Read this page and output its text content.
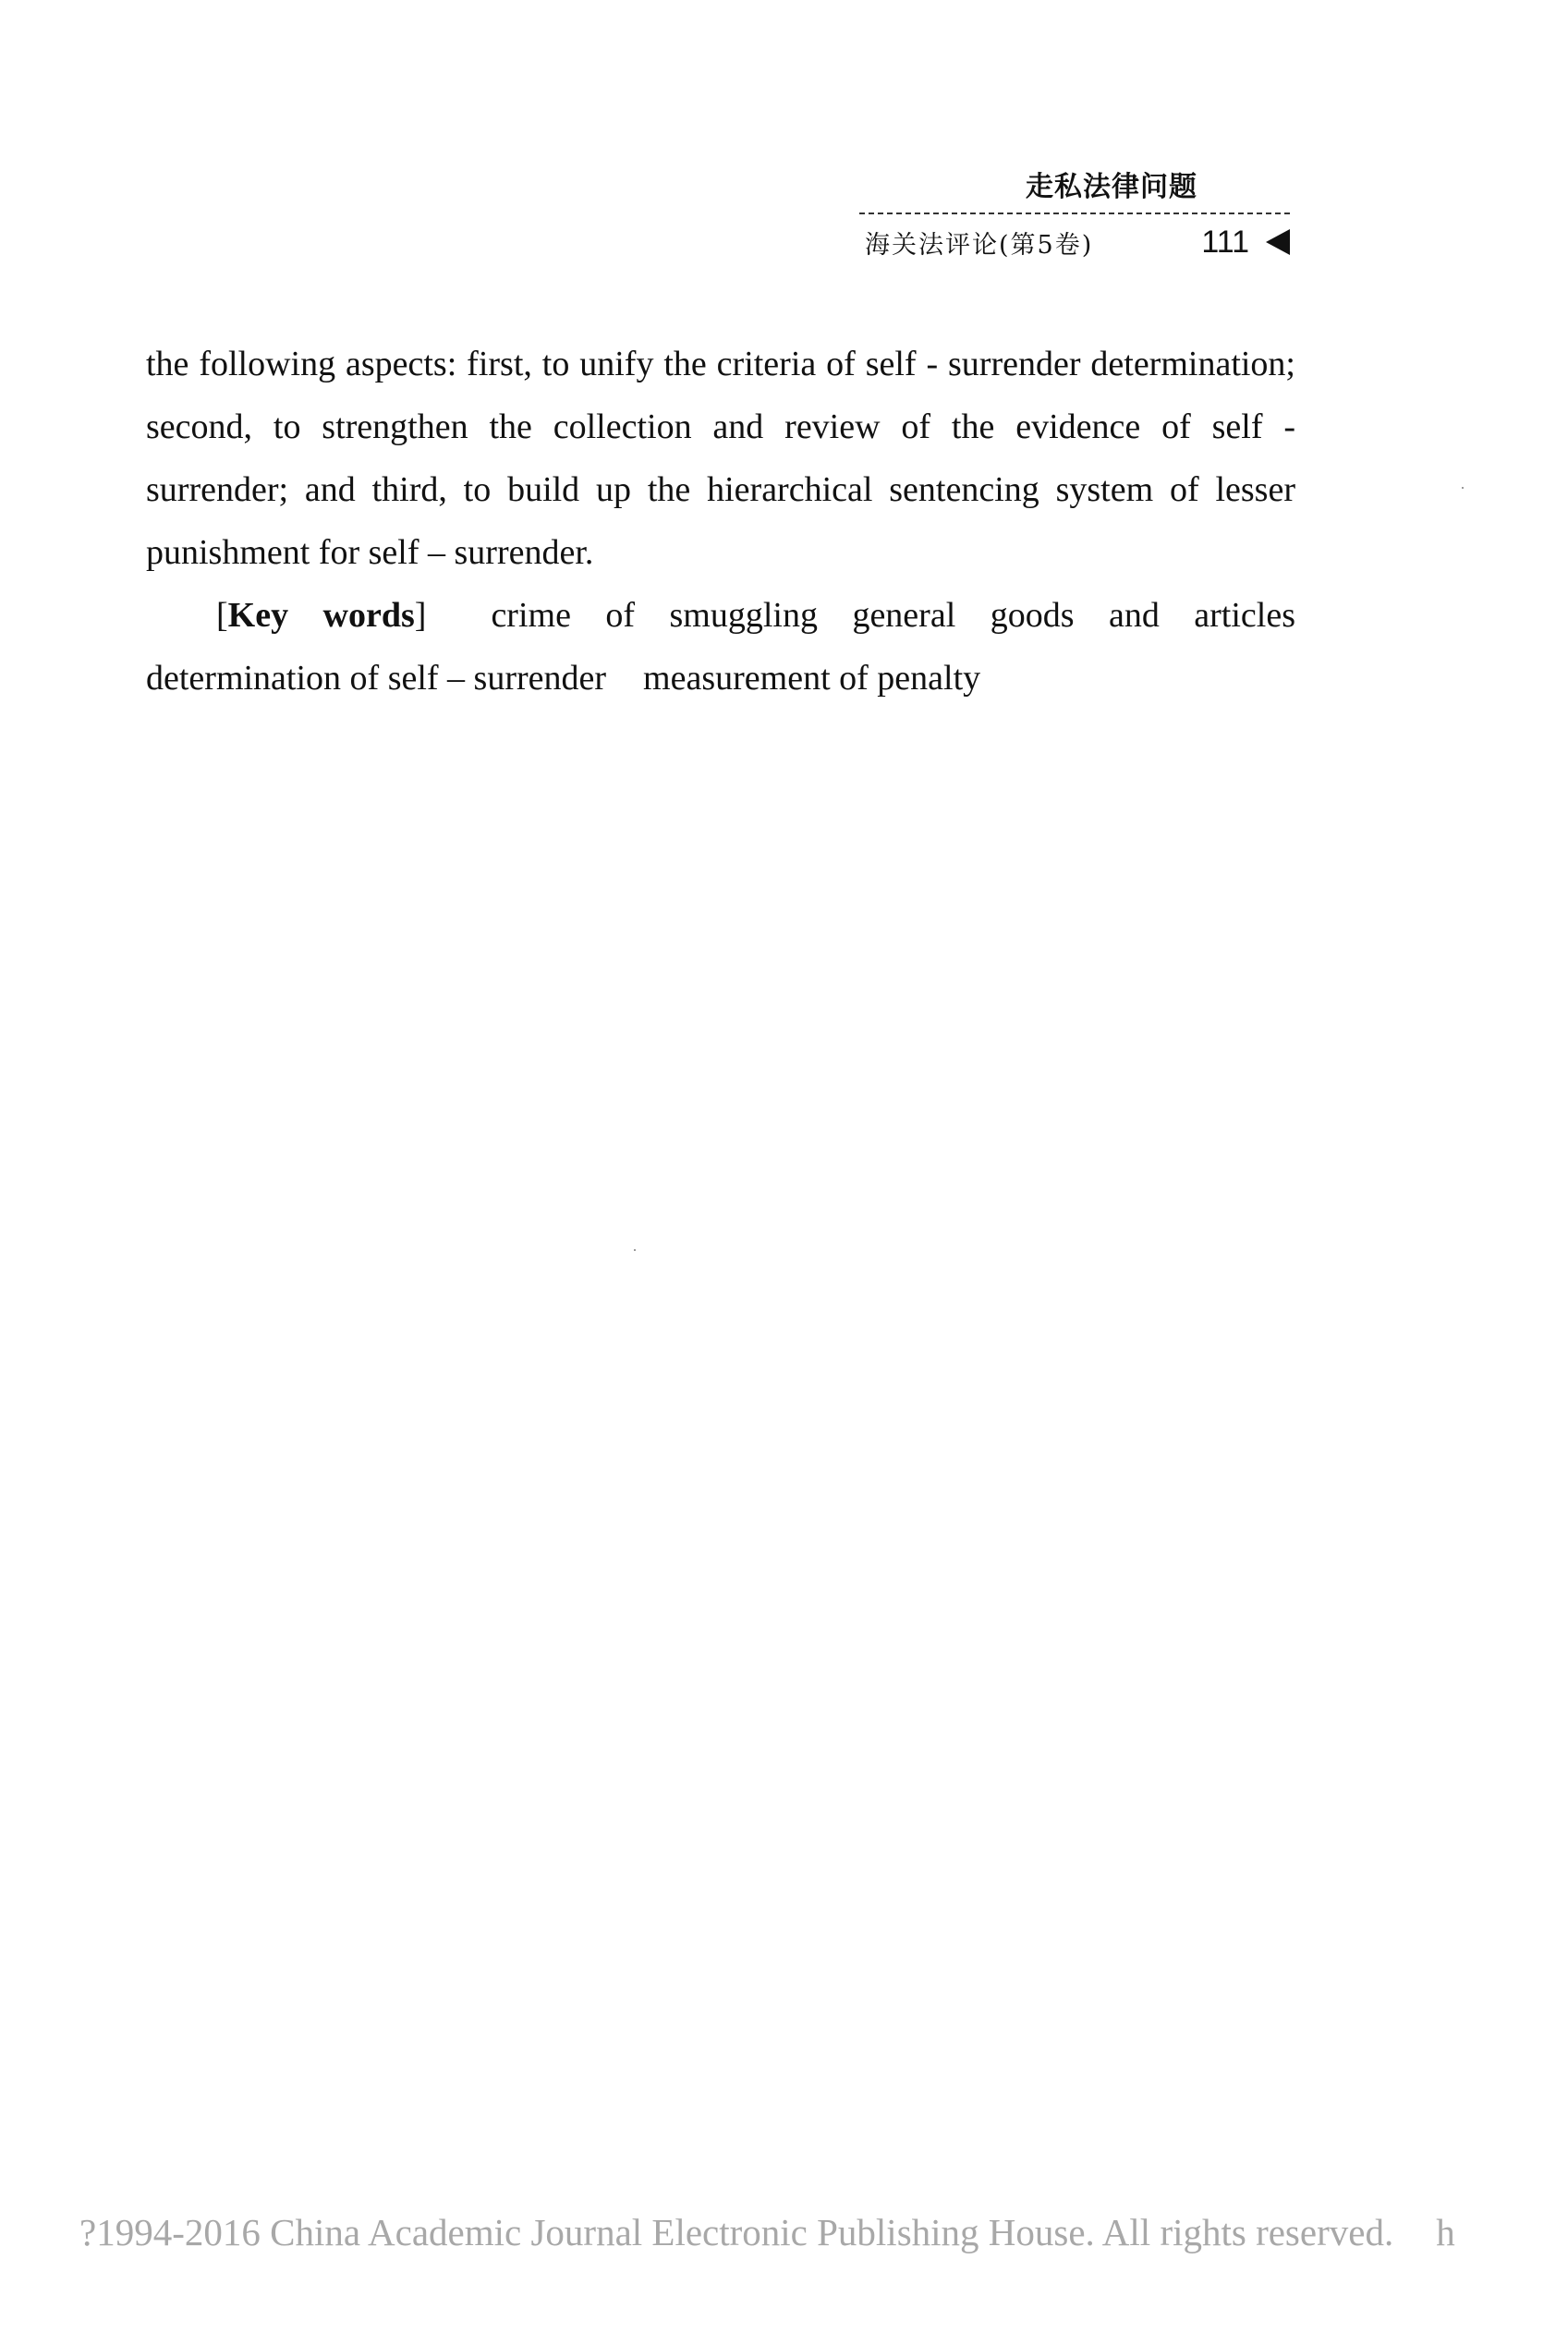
走私法律问题
海关法评论(第5卷)	111

the following aspects: first, to unify the criteria of self - surrender determination; second, to strengthen the collection and review of the evidence of self - surrender; and third, to build up the hierarchical sentencing system of lesser punishment for self – surrender.

[Key words] crime of smuggling general goods and articles determination of self – surrender measurement of penalty

?1994-2016 China Academic Journal Electronic Publishing House. All rights reserved. h
